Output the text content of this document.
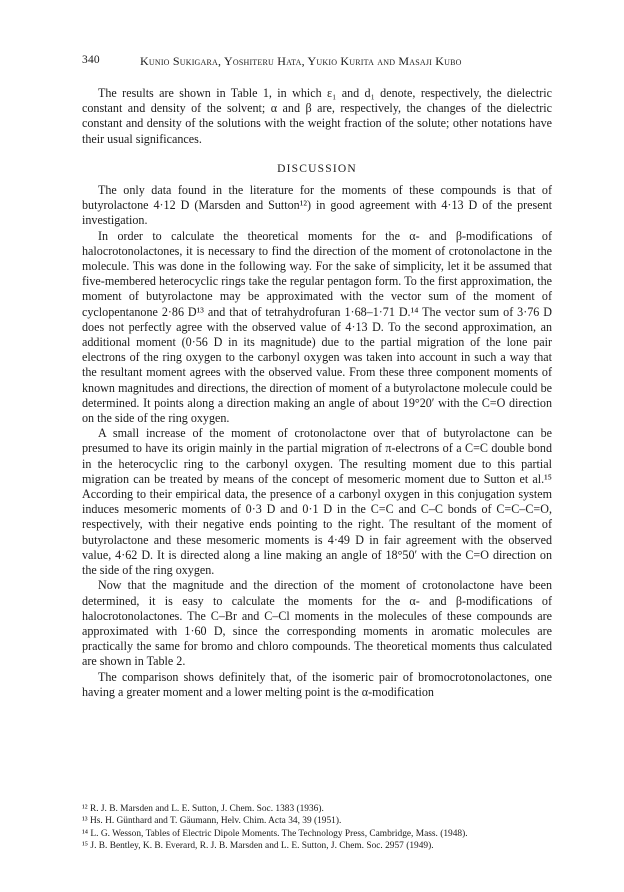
340	Kunio Sukigara, Yoshiteru Hata, Yukio Kurita and Masaji Kubo

The results are shown in Table 1, in which ε₁ and d₁ denote, respectively, the dielectric constant and density of the solvent; α and β are, respectively, the changes of the dielectric constant and density of the solutions with the weight fraction of the solute; other notations have their usual significances.

DISCUSSION

The only data found in the literature for the moments of these compounds is that of butyrolactone 4·12 D (Marsden and Sutton¹²) in good agreement with 4·13 D of the present investigation.

In order to calculate the theoretical moments for the α- and β-modifications of halocrotonolactones, it is necessary to find the direction of the moment of crotonolactone in the molecule. This was done in the following way. For the sake of simplicity, let it be assumed that five-membered heterocyclic rings take the regular pentagon form. To the first approximation, the moment of butyrolactone may be approximated with the vector sum of the moment of cyclopentanone 2·86 D¹³ and that of tetrahydrofuran 1·68–1·71 D.¹⁴ The vector sum of 3·76 D does not perfectly agree with the observed value of 4·13 D. To the second approximation, an additional moment (0·56 D in its magnitude) due to the partial migration of the lone pair electrons of the ring oxygen to the carbonyl oxygen was taken into account in such a way that the resultant moment agrees with the observed value. From these three component moments of known magnitudes and directions, the direction of moment of a butyrolactone molecule could be determined. It points along a direction making an angle of about 19°20′ with the C=O direction on the side of the ring oxygen.

A small increase of the moment of crotonolactone over that of butyrolactone can be presumed to have its origin mainly in the partial migration of π-electrons of a C=C double bond in the heterocyclic ring to the carbonyl oxygen. The resulting moment due to this partial migration can be treated by means of the concept of mesomeric moment due to Sutton et al.¹⁵ According to their empirical data, the presence of a carbonyl oxygen in this conjugation system induces mesomeric moments of 0·3 D and 0·1 D in the C=C and C–C bonds of C=C–C=O, respectively, with their negative ends pointing to the right. The resultant of the moment of butyrolactone and these mesomeric moments is 4·49 D in fair agreement with the observed value, 4·62 D. It is directed along a line making an angle of 18°50′ with the C=O direction on the side of the ring oxygen.

Now that the magnitude and the direction of the moment of crotonolactone have been determined, it is easy to calculate the moments for the α- and β-modifications of halocrotonolactones. The C–Br and C–Cl moments in the molecules of these compounds are approximated with 1·60 D, since the corresponding moments in aromatic molecules are practically the same for bromo and chloro compounds. The theoretical moments thus calculated are shown in Table 2.

The comparison shows definitely that, of the isomeric pair of bromocrotonolactones, one having a greater moment and a lower melting point is the α-modification

¹² R. J. B. Marsden and L. E. Sutton, J. Chem. Soc. 1383 (1936).
¹³ Hs. H. Günthard and T. Gäumann, Helv. Chim. Acta 34, 39 (1951).
¹⁴ L. G. Wesson, Tables of Electric Dipole Moments. The Technology Press, Cambridge, Mass. (1948).
¹⁵ J. B. Bentley, K. B. Everard, R. J. B. Marsden and L. E. Sutton, J. Chem. Soc. 2957 (1949).
